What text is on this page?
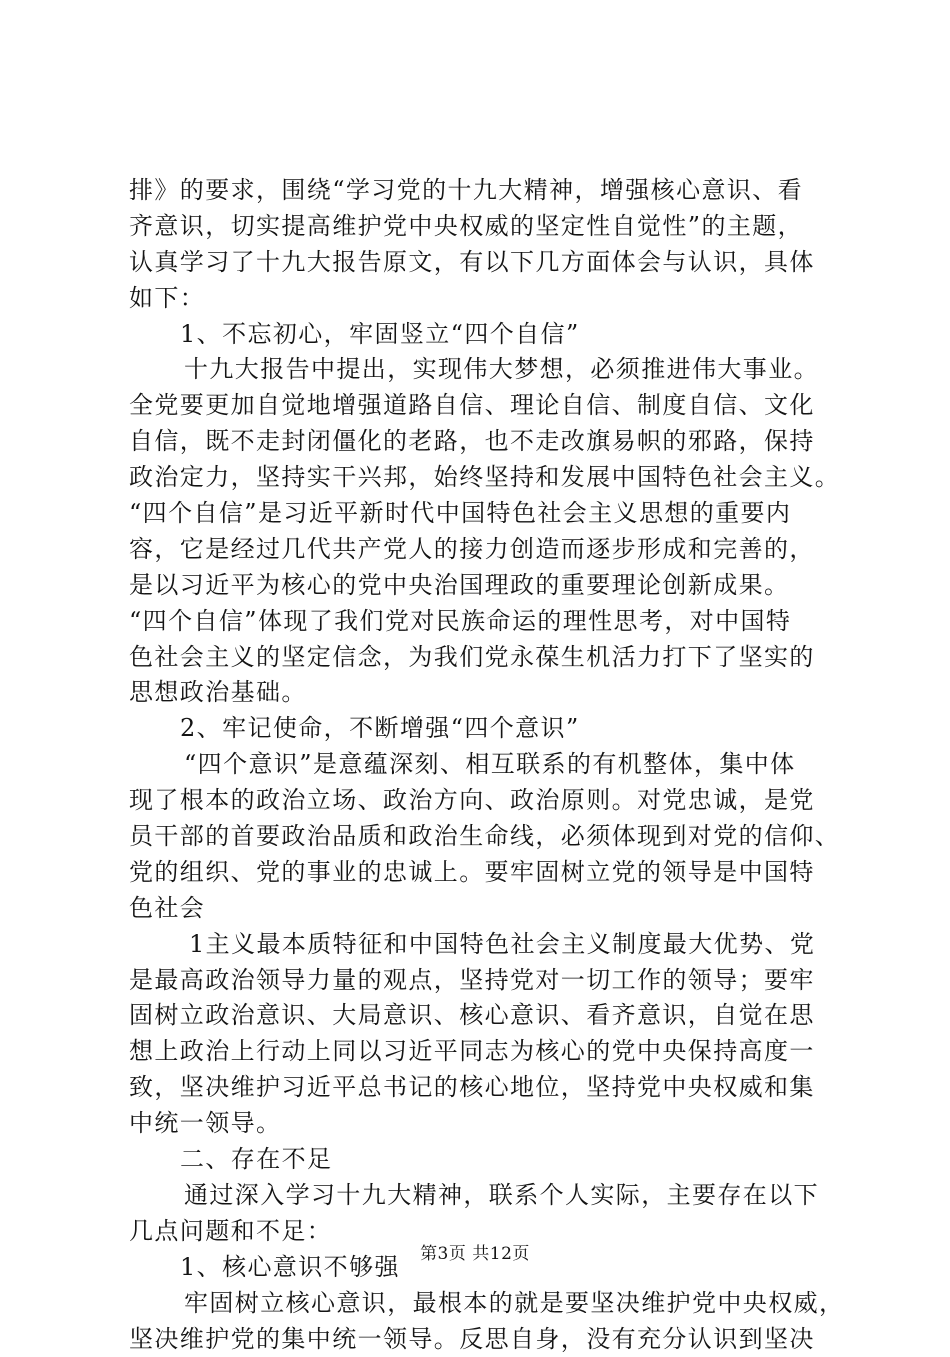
排》的要求，围绕“学习党的十九大精神，增强核心意识、看
齐意识，切实提高维护党中央权威的坚定性自觉性”的主题，
认真学习了十九大报告原文，有以下几方面体会与认识，具体
如下：
1、不忘初心，牢固竖立“四个自信”
十九大报告中提出，实现伟大梦想，必须推进伟大事业。
全党要更加自觉地增强道路自信、理论自信、制度自信、文化
自信，既不走封闭僵化的老路，也不走改旗易帜的邪路，保持
政治定力，坚持实干兴邦，始终坚持和发展中国特色社会主义。
“四个自信”是习近平新时代中国特色社会主义思想的重要内
容，它是经过几代共产党人的接力创造而逐步形成和完善的，
是以习近平为核心的党中央治国理政的重要理论创新成果。
“四个自信”体现了我们党对民族命运的理性思考，对中国特
色社会主义的坚定信念，为我们党永葆生机活力打下了坚实的
思想政治基础。
2、牢记使命，不断增强“四个意识”
“四个意识”是意蕴深刻、相互联系的有机整体，集中体
现了根本的政治立场、政治方向、政治原则。对党忠诚，是党
员干部的首要政治品质和政治生命线，必须体现到对党的信仰、
党的组织、党的事业的忠诚上。要牢固树立党的领导是中国特
色社会
1主义最本质特征和中国特色社会主义制度最大优势、党
是最高政治领导力量的观点，坚持党对一切工作的领导；要牢
固树立政治意识、大局意识、核心意识、看齐意识，自觉在思
想上政治上行动上同以习近平同志为核心的党中央保持高度一
致，坚决维护习近平总书记的核心地位，坚持党中央权威和集
中统一领导。
二、存在不足
通过深入学习十九大精神，联系个人实际，主要存在以下
几点问题和不足：
1、核心意识不够强
牢固树立核心意识，最根本的就是要坚决维护党中央权威，
坚决维护党的集中统一领导。反思自身，没有充分认识到坚决
第3页 共12页
